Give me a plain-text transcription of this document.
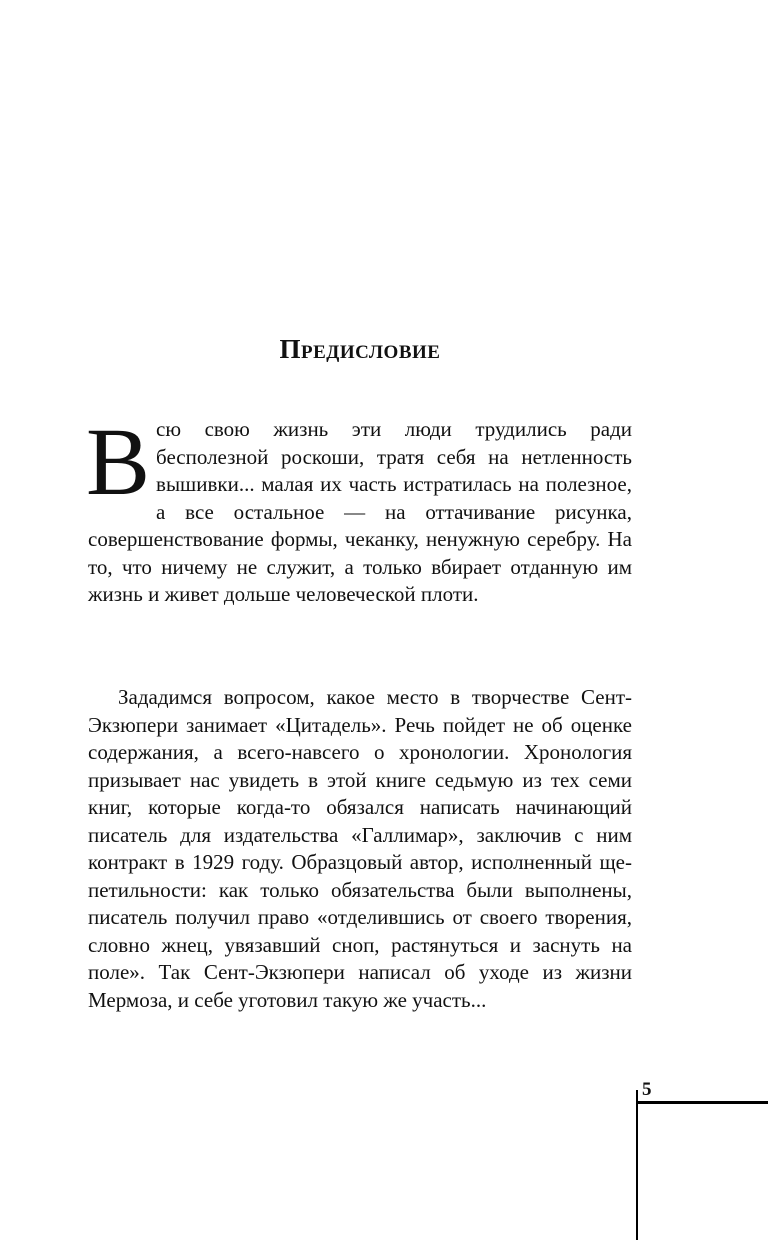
Предисловие

Всю свою жизнь эти люди трудились ради бесполезной роскоши, тратя себя на нетленность вышивки... малая их часть истратилась на полезное, а все остальное — на оттачивание рисунка, совершенствование формы, чеканку, ненужную серебру. На то, что ничему не служит, а только вбирает отданную им жизнь и живет дольше человеческой плоти.

Зададимся вопросом, какое место в творчестве Сент-Экзюпери занимает «Цитадель». Речь пойдет не об оценке содержания, а всего-навсего о хронологии. Хронология призывает нас увидеть в этой книге седьмую из тех семи книг, которые когда-то обязался написать начинающий писатель для издательства «Галлимар», заключив с ним контракт в 1929 году. Образцовый автор, исполненный щепетильности: как только обязательства были выполнены, писатель получил право «отделившись от своего творения, словно жнец, увязавший сноп, растянуться и заснуть на поле». Так Сент-Экзюпери написал об уходе из жизни Мермоза, и себе уготовил такую же участь...

5
